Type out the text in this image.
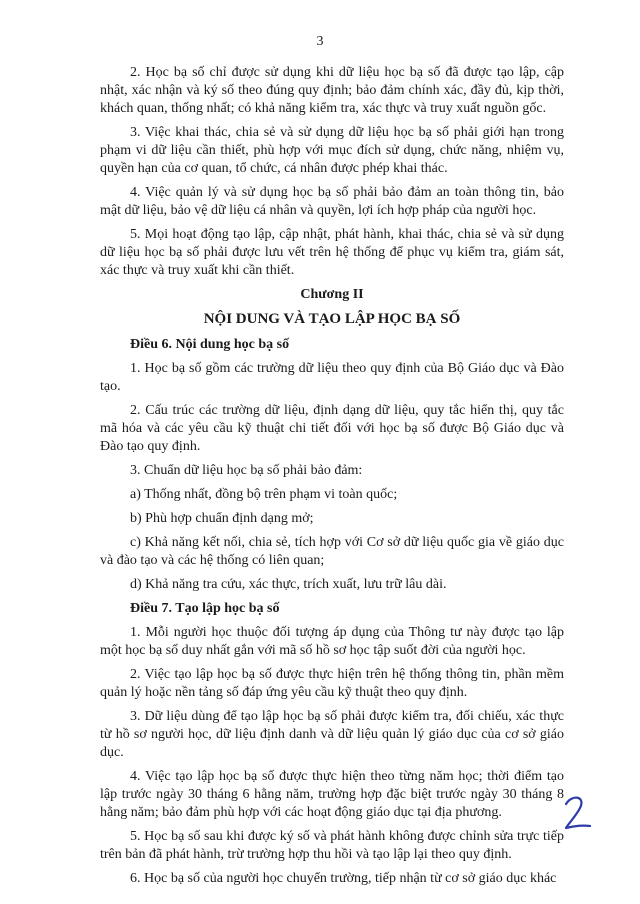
3

2. Học bạ số chỉ được sử dụng khi dữ liệu học bạ số đã được tạo lập, cập nhật, xác nhận và ký số theo đúng quy định; bảo đảm chính xác, đầy đủ, kịp thời, khách quan, thống nhất; có khả năng kiểm tra, xác thực và truy xuất nguồn gốc.

3. Việc khai thác, chia sẻ và sử dụng dữ liệu học bạ số phải giới hạn trong phạm vi dữ liệu cần thiết, phù hợp với mục đích sử dụng, chức năng, nhiệm vụ, quyền hạn của cơ quan, tổ chức, cá nhân được phép khai thác.

4. Việc quản lý và sử dụng học bạ số phải bảo đảm an toàn thông tin, bảo mật dữ liệu, bảo vệ dữ liệu cá nhân và quyền, lợi ích hợp pháp của người học.

5. Mọi hoạt động tạo lập, cập nhật, phát hành, khai thác, chia sẻ và sử dụng dữ liệu học bạ số phải được lưu vết trên hệ thống để phục vụ kiểm tra, giám sát, xác thực và truy xuất khi cần thiết.

Chương II
NỘI DUNG VÀ TẠO LẬP HỌC BẠ SỐ
Điều 6. Nội dung học bạ số

1. Học bạ số gồm các trường dữ liệu theo quy định của Bộ Giáo dục và Đào tạo.

2. Cấu trúc các trường dữ liệu, định dạng dữ liệu, quy tắc hiển thị, quy tắc mã hóa và các yêu cầu kỹ thuật chi tiết đối với học bạ số được Bộ Giáo dục và Đào tạo quy định.

3. Chuẩn dữ liệu học bạ số phải bảo đảm:

a) Thống nhất, đồng bộ trên phạm vi toàn quốc;

b) Phù hợp chuẩn định dạng mở;

c) Khả năng kết nối, chia sẻ, tích hợp với Cơ sở dữ liệu quốc gia về giáo dục và đào tạo và các hệ thống có liên quan;

d) Khả năng tra cứu, xác thực, trích xuất, lưu trữ lâu dài.

Điều 7. Tạo lập học bạ số

1. Mỗi người học thuộc đối tượng áp dụng của Thông tư này được tạo lập một học bạ số duy nhất gắn với mã số hồ sơ học tập suốt đời của người học.

2. Việc tạo lập học bạ số được thực hiện trên hệ thống thông tin, phần mềm quản lý hoặc nền tảng số đáp ứng yêu cầu kỹ thuật theo quy định.

3. Dữ liệu dùng để tạo lập học bạ số phải được kiểm tra, đối chiếu, xác thực từ hồ sơ người học, dữ liệu định danh và dữ liệu quản lý giáo dục của cơ sở giáo dục.

4. Việc tạo lập học bạ số được thực hiện theo từng năm học; thời điểm tạo lập trước ngày 30 tháng 6 hằng năm, trường hợp đặc biệt trước ngày 30 tháng 8 hằng năm; bảo đảm phù hợp với các hoạt động giáo dục tại địa phương.

5. Học bạ số sau khi được ký số và phát hành không được chỉnh sửa trực tiếp trên bản đã phát hành, trừ trường hợp thu hồi và tạo lập lại theo quy định.

6. Học bạ số của người học chuyển trường, tiếp nhận từ cơ sở giáo dục khác
